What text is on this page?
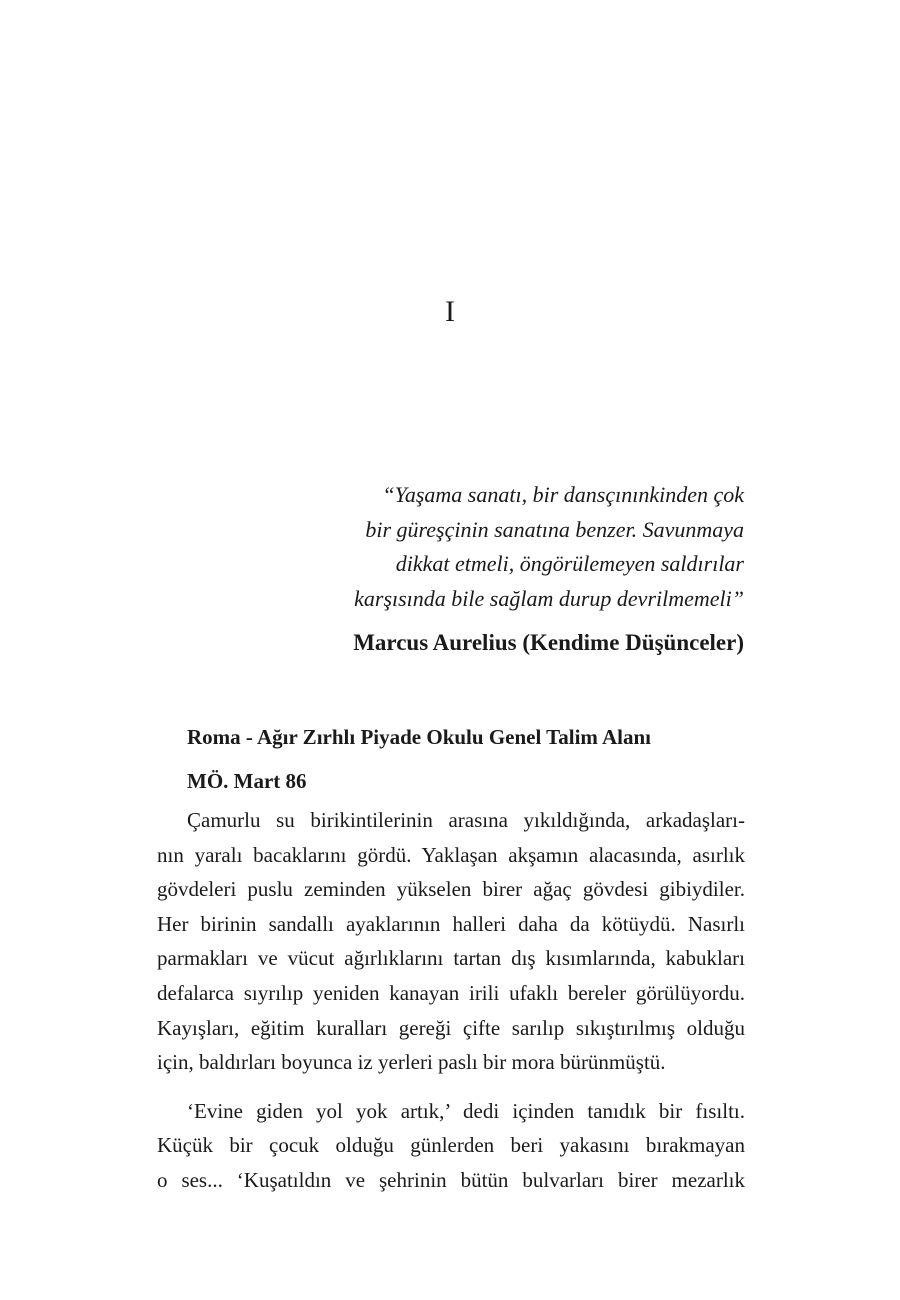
I
“Yaşama sanatı, bir dansçınınkinden çok
bir güreşçinin sanatına benzer. Savunmaya
dikkat etmeli, öngörülemeyen saldırılar
karşısında bile sağlam durup devrilmemeli”
Marcus Aurelius (Kendime Düşünceler)
Roma - Ağır Zırhlı Piyade Okulu Genel Talim Alanı
MÖ. Mart 86
Çamurlu su birikintilerinin arasına yıkıldığında, arkadaşları-
nın yaralı bacaklarını gördü. Yaklaşan akşamın alacasında, asırlık
gövdeleri puslu zeminden yükselen birer ağaç gövdesi gibiydiler.
Her birinin sandallı ayaklarının halleri daha da kötüydü. Nasırlı
parmakları ve vücut ağırlıklarını tartan dış kısımlarında, kabukları
defalarca sıyrılıp yeniden kanayan irili ufaklı bereler görülüyordu.
Kayışları, eğitim kuralları gereği çifte sarılıp sıkıştırılmış olduğu
için, baldırları boyunca iz yerleri paslı bir mora bürünmüştü.
‘Evine giden yol yok artık,’ dedi içinden tanıdık bir fısıltı.
Küçük bir çocuk olduğu günlerden beri yakasını bırakmayan
o ses... ‘Kuşatıldın ve şehrinin bütün bulvarları birer mezarlık
